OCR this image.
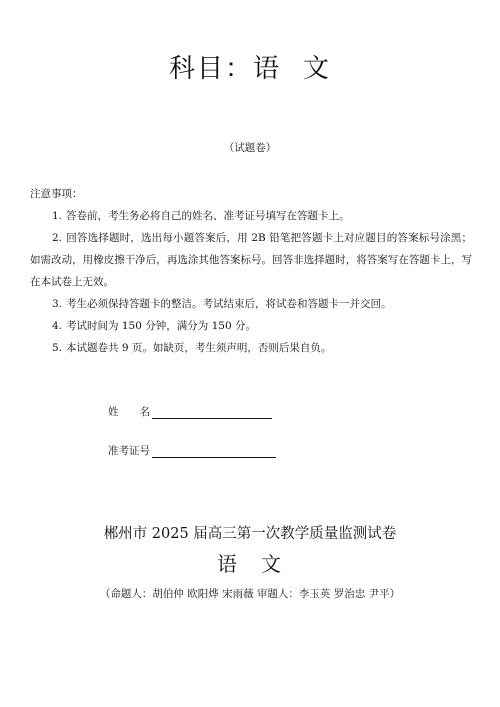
科目：语 文
（试题卷）

注意事项：

1. 答卷前，考生务必将自己的姓名、准考证号填写在答题卡上。

2. 回答选择题时，选出每小题答案后，用 2B 铅笔把答题卡上对应题目的答案标号涂黑；如需改动，用橡皮擦干净后，再选涂其他答案标号。回答非选择题时，将答案写在答题卡上，写在本试卷上无效。

3. 考生必须保持答题卡的整洁。考试结束后，将试卷和答题卡一并交回。

4. 考试时间为 150 分钟，满分为 150 分。

5. 本试题卷共 9 页。如缺页，考生须声明，否则后果自负。

姓　　名
准考证号
郴州市 2025 届高三第一次教学质量监测试卷
语 文
（命题人：胡伯仲 欧阳烨 宋雨薇 审题人：李玉英 罗治忠 尹平）
